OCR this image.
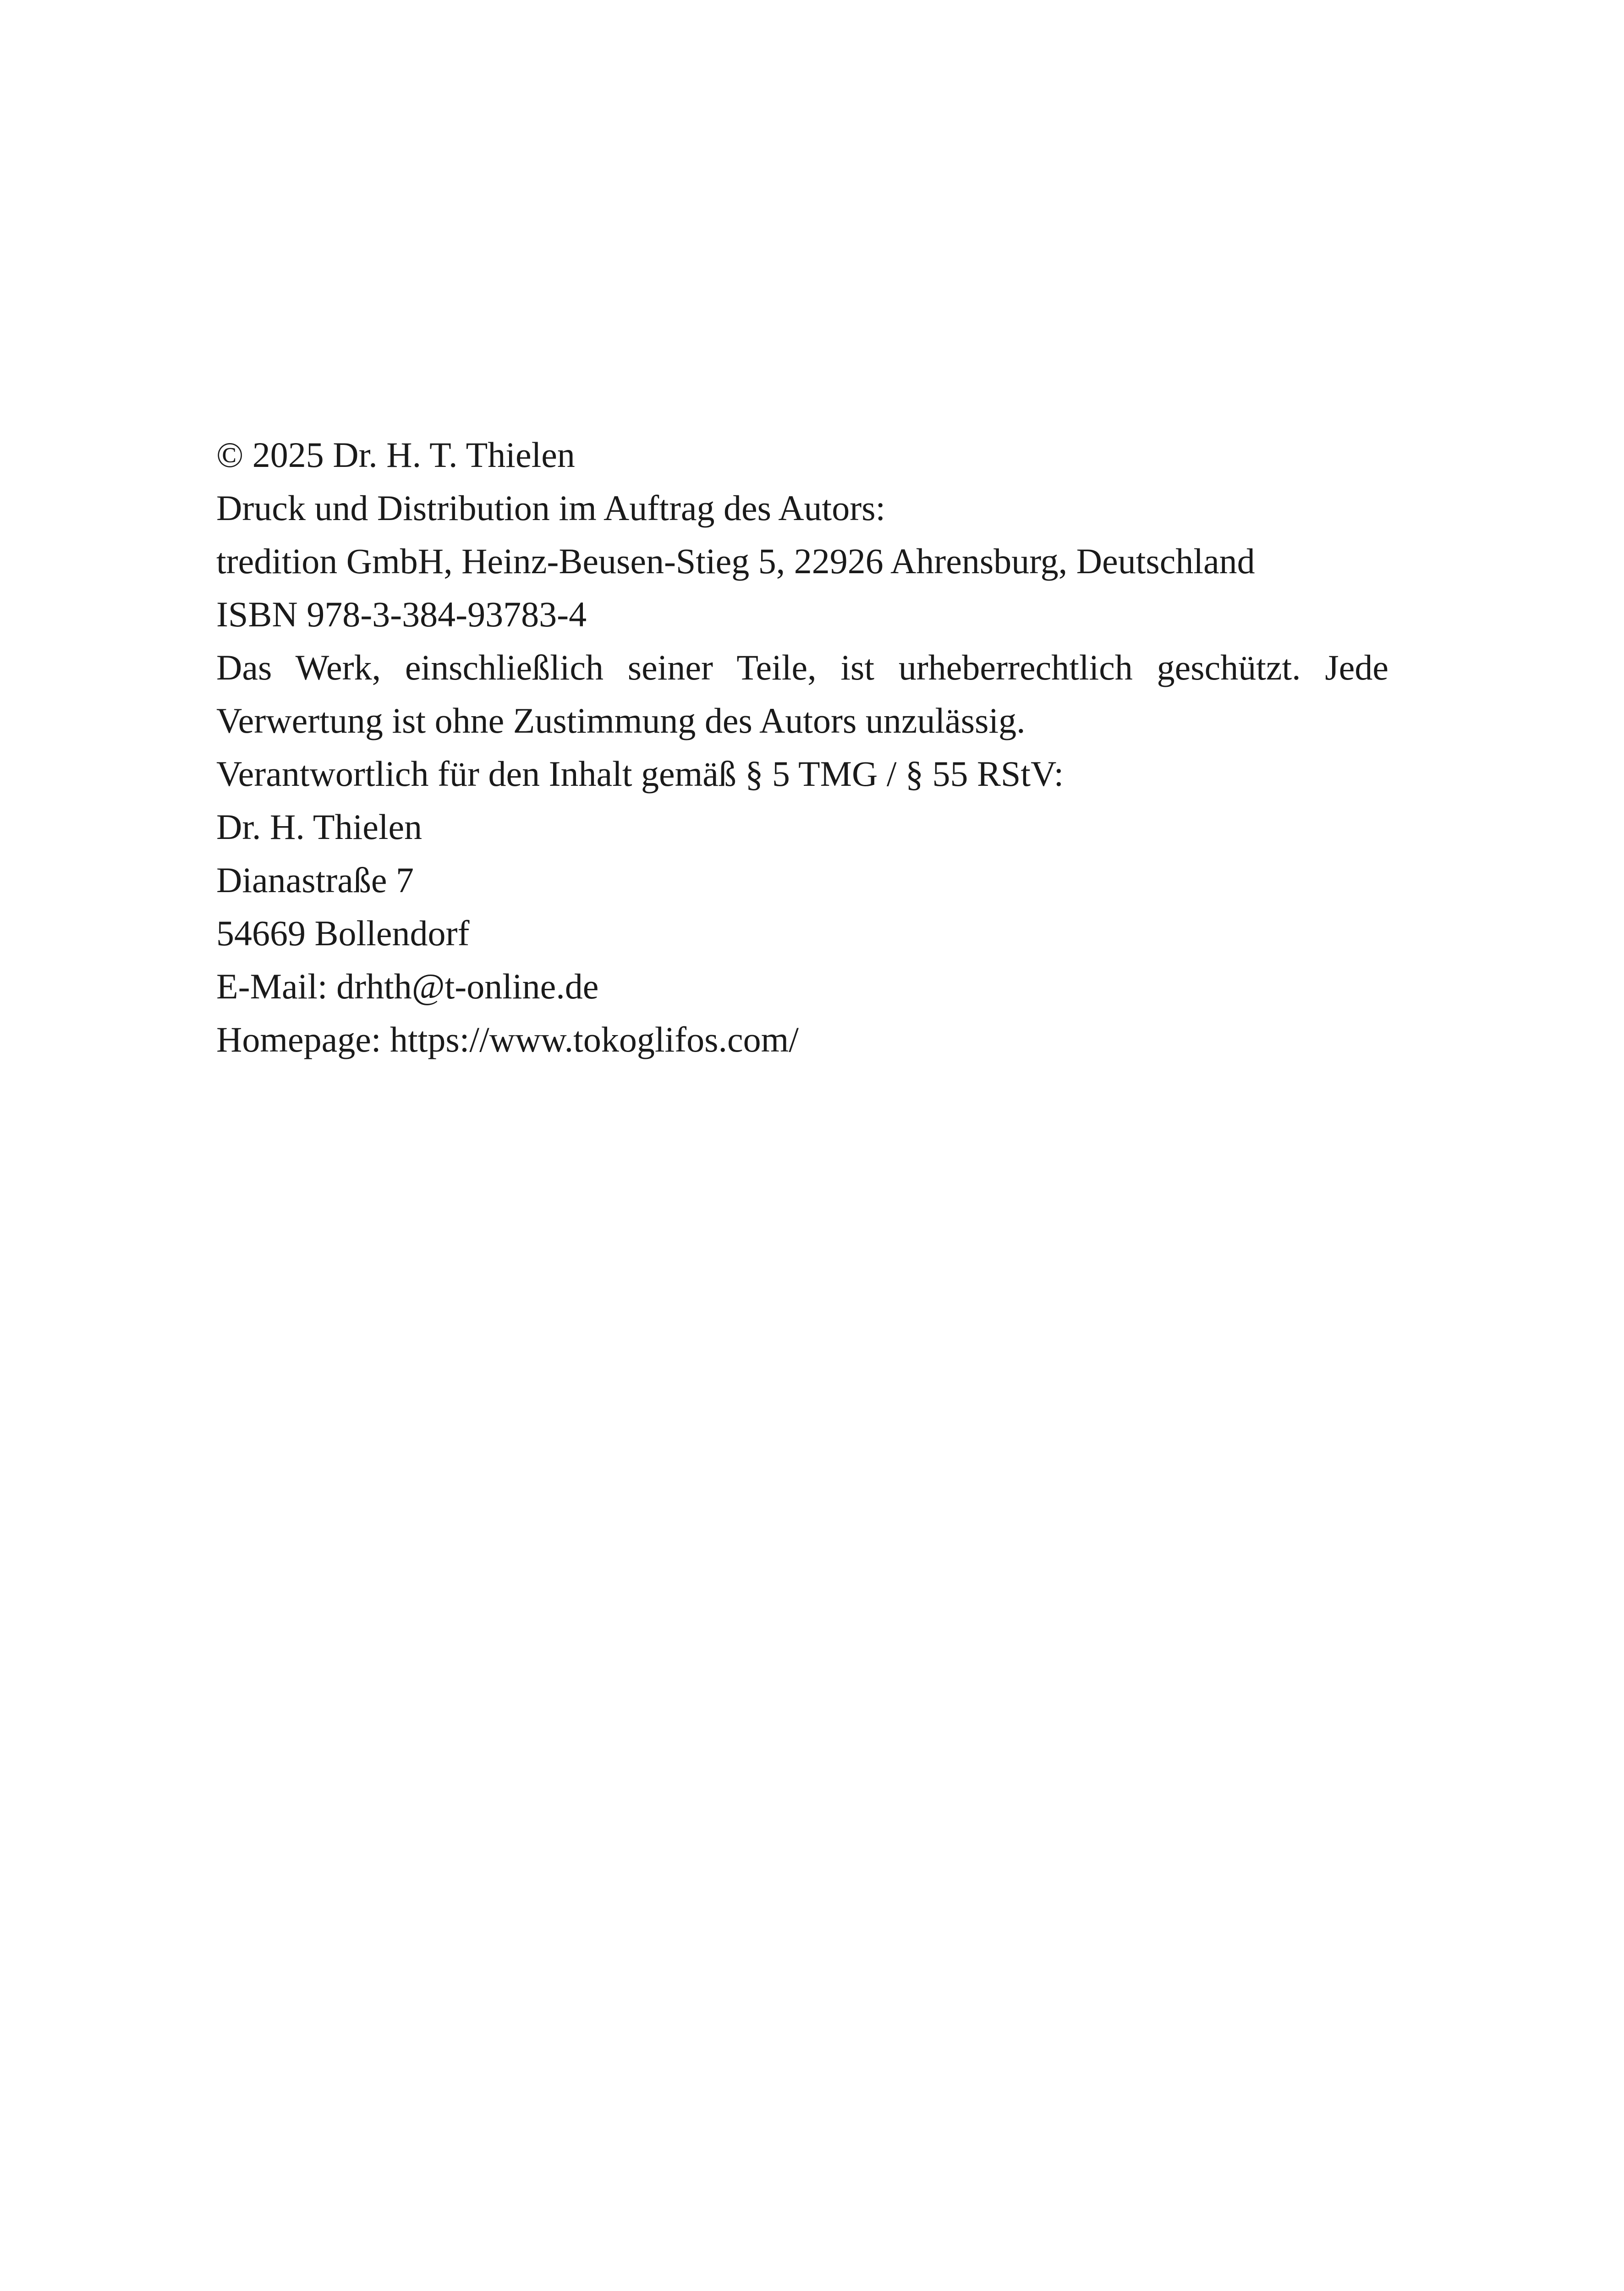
© 2025 Dr. H. T. Thielen

Druck und Distribution im Auftrag des Autors:
tredition GmbH, Heinz-Beusen-Stieg 5, 22926 Ahrensburg, Deutschland

ISBN 978-3-384-93783-4

Das Werk, einschließlich seiner Teile, ist urheberrechtlich geschützt. Jede Verwertung ist ohne Zustimmung des Autors unzulässig.

Verantwortlich für den Inhalt gemäß § 5 TMG / § 55 RStV:
Dr. H. Thielen
Dianastraße 7
54669 Bollendorf
E-Mail: drhth@t-online.de
Homepage: https://www.tokoglifos.com/
